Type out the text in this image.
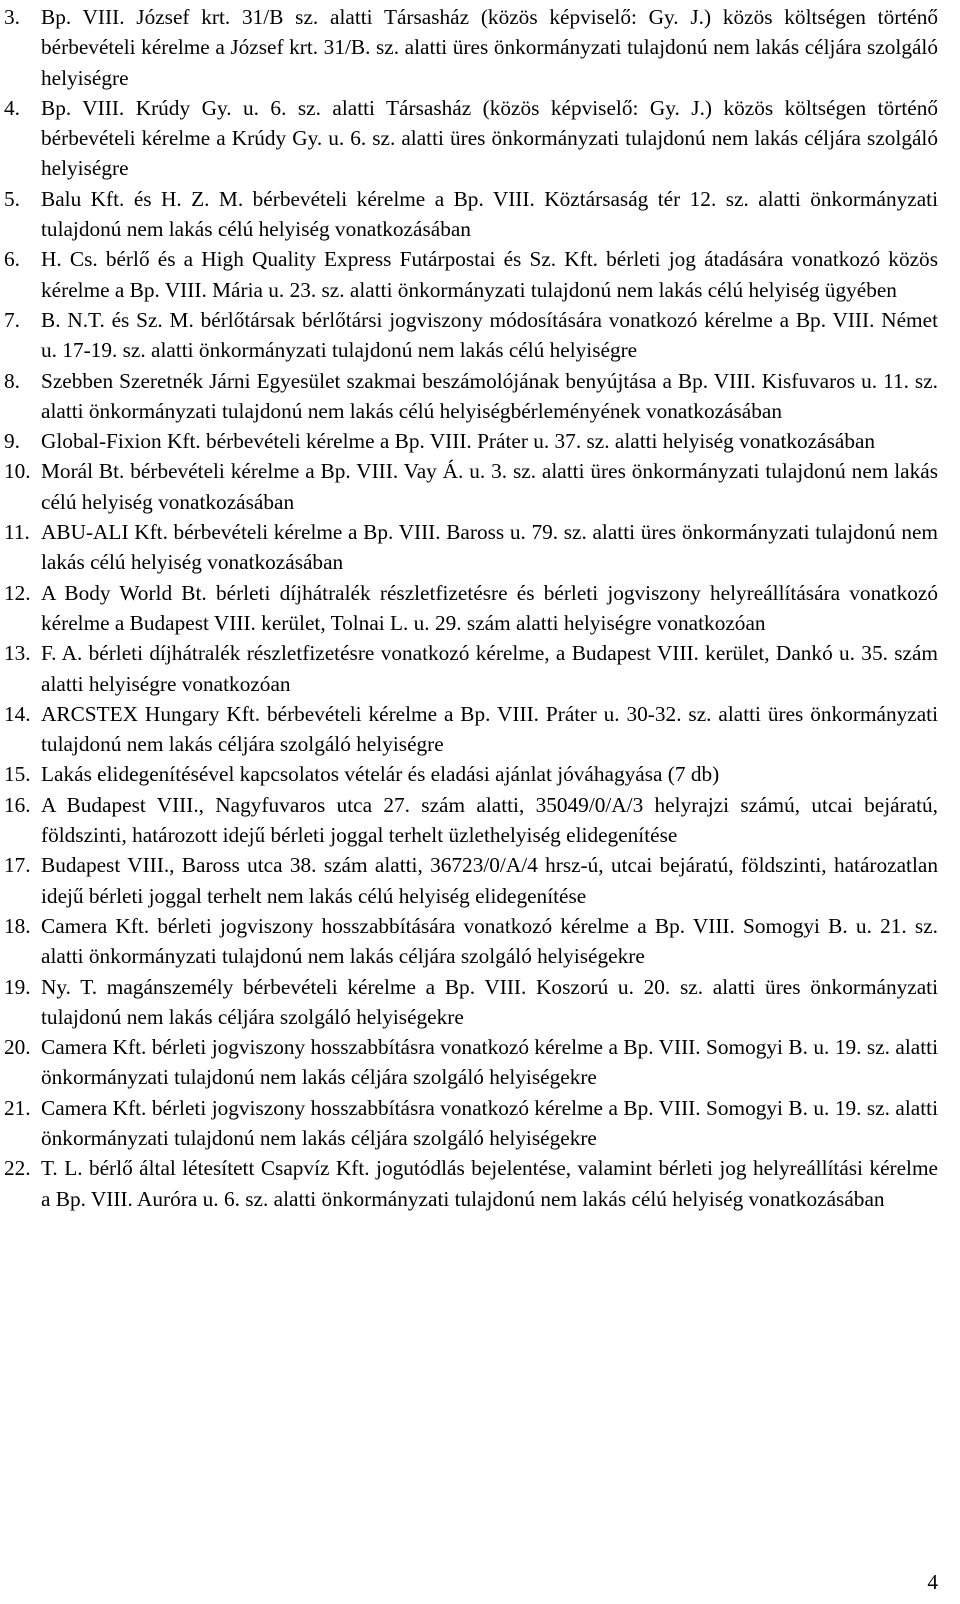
3. Bp. VIII. József krt. 31/B sz. alatti Társasház (közös képviselő: Gy. J.) közös költségen történő bérbevételi kérelme a József krt. 31/B. sz. alatti üres önkormányzati tulajdonú nem lakás céljára szolgáló helyiségre
4. Bp. VIII. Krúdy Gy. u. 6. sz. alatti Társasház (közös képviselő: Gy. J.) közös költségen történő bérbevételi kérelme a Krúdy Gy. u. 6. sz. alatti üres önkormányzati tulajdonú nem lakás céljára szolgáló helyiségre
5. Balu Kft. és H. Z. M. bérbevételi kérelme a Bp. VIII. Köztársaság tér 12. sz. alatti önkormányzati tulajdonú nem lakás célú helyiség vonatkozásában
6. H. Cs. bérlő és a High Quality Express Futárpostai és Sz. Kft. bérleti jog átadására vonatkozó közös kérelme a Bp. VIII. Mária u. 23. sz. alatti önkormányzati tulajdonú nem lakás célú helyiség ügyében
7. B. N.T. és Sz. M. bérlőtársak bérlőtársi jogviszony módosítására vonatkozó kérelme a Bp. VIII. Német u. 17-19. sz. alatti önkormányzati tulajdonú nem lakás célú helyiségre
8. Szebben Szeretnék Járni Egyesület szakmai beszámolójának benyújtása a Bp. VIII. Kisfuvaros u. 11. sz. alatti önkormányzati tulajdonú nem lakás célú helyiségbérleményének vonatkozásában
9. Global-Fixion Kft. bérbevételi kérelme a Bp. VIII. Práter u. 37. sz. alatti helyiség vonatkozásában
10. Morál Bt. bérbevételi kérelme a Bp. VIII. Vay Á. u. 3. sz. alatti üres önkormányzati tulajdonú nem lakás célú helyiség vonatkozásában
11. ABU-ALI Kft. bérbevételi kérelme a Bp. VIII. Baross u. 79. sz. alatti üres önkormányzati tulajdonú nem lakás célú helyiség vonatkozásában
12. A Body World Bt. bérleti díjhátralék részletfizetésre és bérleti jogviszony helyreállítására vonatkozó kérelme a Budapest VIII. kerület, Tolnai L. u. 29. szám alatti helyiségre vonatkozóan
13. F. A. bérleti díjhátralék részletfizetésre vonatkozó kérelme, a Budapest VIII. kerület, Dankó u. 35. szám alatti helyiségre vonatkozóan
14. ARCSTEX Hungary Kft. bérbevételi kérelme a Bp. VIII. Práter u. 30-32. sz. alatti üres önkormányzati tulajdonú nem lakás céljára szolgáló helyiségre
15. Lakás elidegenítésével kapcsolatos vételár és eladási ajánlat jóváhagyása (7 db)
16. A Budapest VIII., Nagyfuvaros utca 27. szám alatti, 35049/0/A/3 helyrajzi számú, utcai bejáratú, földszinti, határozott idejű bérleti joggal terhelt üzlethelyiség elidegenítése
17. Budapest VIII., Baross utca 38. szám alatti, 36723/0/A/4 hrsz-ú, utcai bejáratú, földszinti, határozatlan idejű bérleti joggal terhelt nem lakás célú helyiség elidegenítése
18. Camera Kft. bérleti jogviszony hosszabbítására vonatkozó kérelme a Bp. VIII. Somogyi B. u. 21. sz. alatti önkormányzati tulajdonú nem lakás céljára szolgáló helyiségekre
19. Ny. T. magánszemély bérbevételi kérelme a Bp. VIII. Koszorú u. 20. sz. alatti üres önkormányzati tulajdonú nem lakás céljára szolgáló helyiségekre
20. Camera Kft. bérleti jogviszony hosszabbításra vonatkozó kérelme a Bp. VIII. Somogyi B. u. 19. sz. alatti önkormányzati tulajdonú nem lakás céljára szolgáló helyiségekre
21. Camera Kft. bérleti jogviszony hosszabbításra vonatkozó kérelme a Bp. VIII. Somogyi B. u. 19. sz. alatti önkormányzati tulajdonú nem lakás céljára szolgáló helyiségekre
22. T. L. bérlő által létesített Csapvíz Kft. jogutódlás bejelentése, valamint bérleti jog helyreállítási kérelme a Bp. VIII. Auróra u. 6. sz. alatti önkormányzati tulajdonú nem lakás célú helyiség vonatkozásában
4
